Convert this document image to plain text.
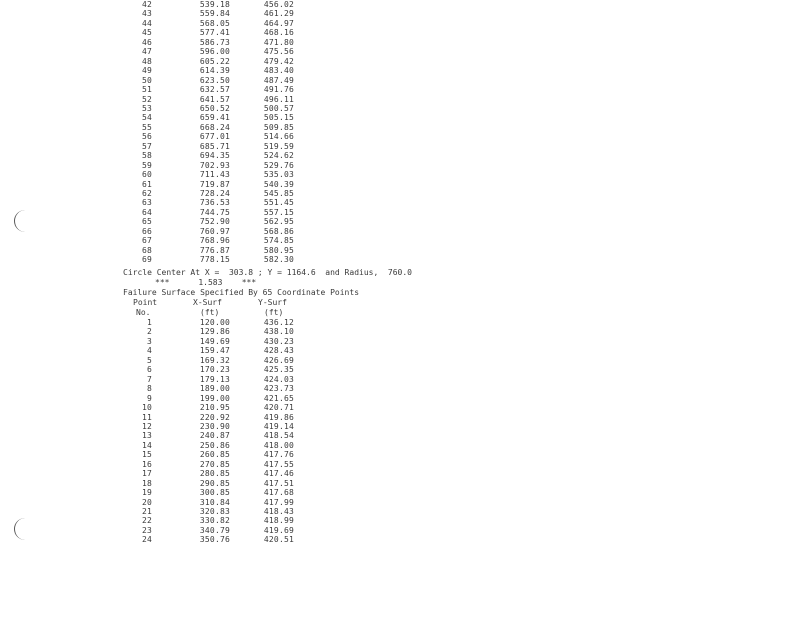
42	539.18	456.02
43	559.84	461.29
44	568.05	464.97
45	577.41	468.16
46	586.73	471.80
47	596.00	475.56
48	605.22	479.42
49	614.39	483.40
50	623.50	487.49
51	632.57	491.76
52	641.57	496.11
53	650.52	500.57
54	659.41	505.15
55	668.24	509.85
56	677.01	514.66
57	685.71	519.59
58	694.35	524.62
59	702.93	529.76
60	711.43	535.03
61	719.87	540.39
62	728.24	545.85
63	736.53	551.45
64	744.75	557.15
65	752.90	562.95
66	760.97	568.86
67	768.96	574.85
68	776.87	580.95
69	778.15	582.30
Circle Center At X =  303.8 ; Y = 1164.6  and Radius,  760.0
***      1.583    ***
Failure Surface Specified By 65 Coordinate Points
Point
No.
X-Surf
(ft)
Y-Surf
(ft)
1	120.00	436.12
2	129.86	438.10
3	149.69	430.23
4	159.47	428.43
5	169.32	426.69
6	170.23	425.35
7	179.13	424.03
8	189.00	423.73
9	199.00	421.65
10	210.95	420.71
11	220.92	419.86
12	230.90	419.14
13	240.87	418.54
14	250.86	418.00
15	260.85	417.76
16	270.85	417.55
17	280.85	417.46
18	290.85	417.51
19	300.85	417.68
20	310.84	417.99
21	320.83	418.43
22	330.82	418.99
23	340.79	419.69
24	350.76	420.51
